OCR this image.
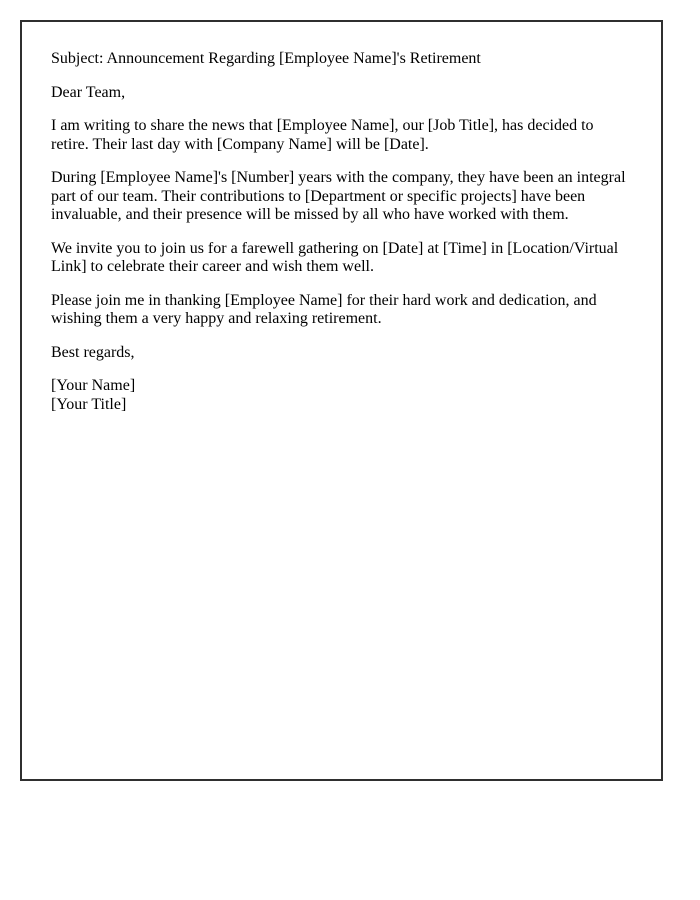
Subject: Announcement Regarding [Employee Name]'s Retirement

Dear Team,

I am writing to share the news that [Employee Name], our [Job Title], has decided to retire. Their last day with [Company Name] will be [Date].

During [Employee Name]'s [Number] years with the company, they have been an integral part of our team. Their contributions to [Department or specific projects] have been invaluable, and their presence will be missed by all who have worked with them.

We invite you to join us for a farewell gathering on [Date] at [Time] in [Location/Virtual Link] to celebrate their career and wish them well.

Please join me in thanking [Employee Name] for their hard work and dedication, and wishing them a very happy and relaxing retirement.

Best regards,

[Your Name]
[Your Title]
